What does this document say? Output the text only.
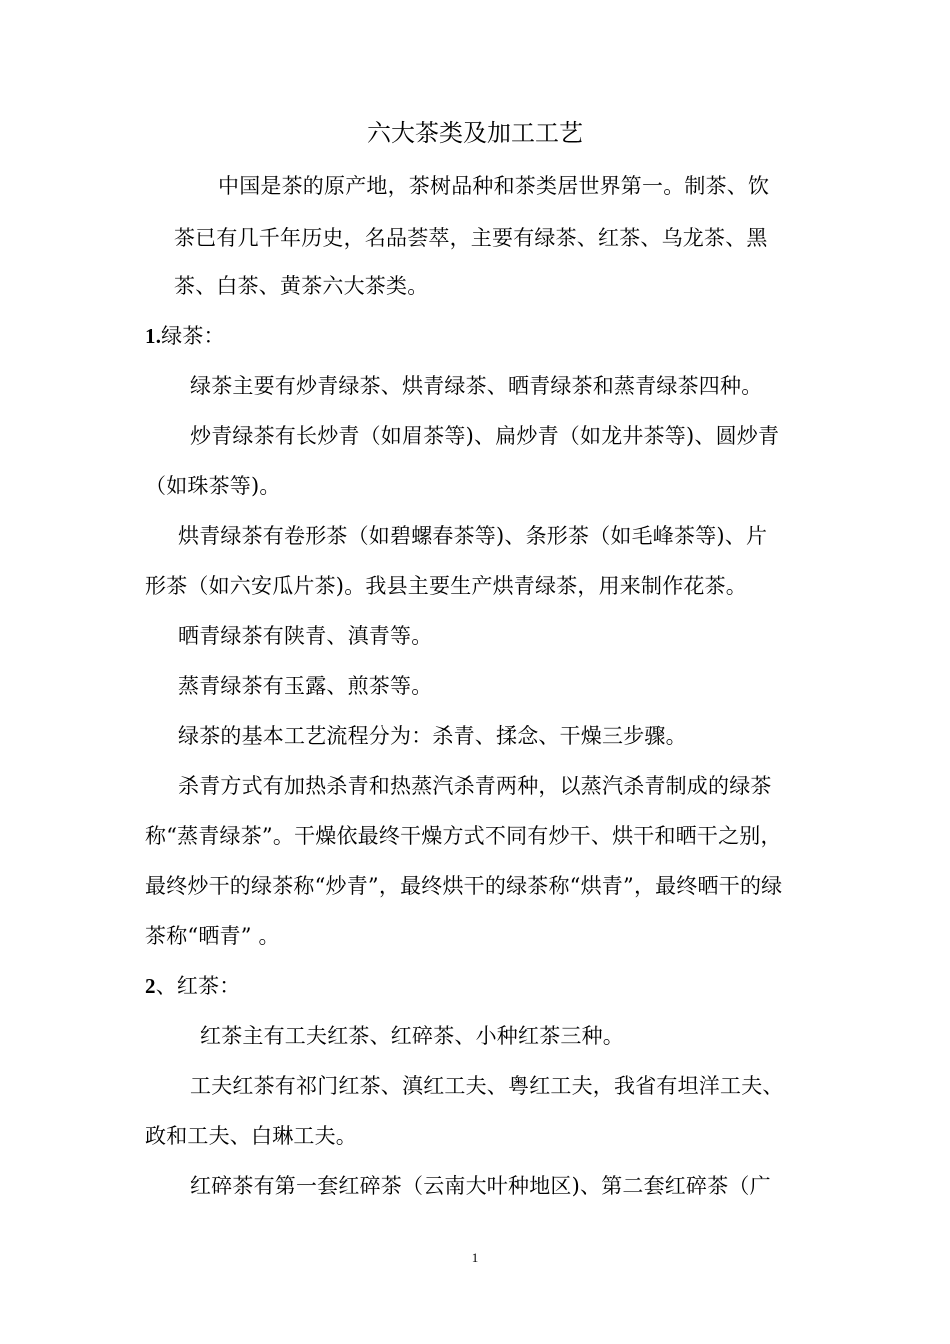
六大茶类及加工工艺
中国是茶的原产地，茶树品种和茶类居世界第一。制茶、饮
茶已有几千年历史，名品荟萃，主要有绿茶、红茶、乌龙茶、黑
茶、白茶、黄茶六大茶类。
1.绿茶：
绿茶主要有炒青绿茶、烘青绿茶、晒青绿茶和蒸青绿茶四种。
炒青绿茶有长炒青（如眉茶等)、扁炒青（如龙井茶等)、圆炒青
（如珠茶等)。
烘青绿茶有卷形茶（如碧螺春茶等)、条形茶（如毛峰茶等)、片
形茶（如六安瓜片茶)。我县主要生产烘青绿茶，用来制作花茶。
晒青绿茶有陕青、滇青等。
蒸青绿茶有玉露、煎茶等。
绿茶的基本工艺流程分为：杀青、揉念、干燥三步骤。
杀青方式有加热杀青和热蒸汽杀青两种，以蒸汽杀青制成的绿茶
称“蒸青绿茶”。干燥依最终干燥方式不同有炒干、烘干和晒干之别，
最终炒干的绿茶称“炒青”，最终烘干的绿茶称“烘青”，最终晒干的绿
茶称“晒青” 。
2、红茶：
红茶主有工夫红茶、红碎茶、小种红茶三种。
工夫红茶有祁门红茶、滇红工夫、粤红工夫，我省有坦洋工夫、
政和工夫、白琳工夫。
红碎茶有第一套红碎茶（云南大叶种地区)、第二套红碎茶（广
1
